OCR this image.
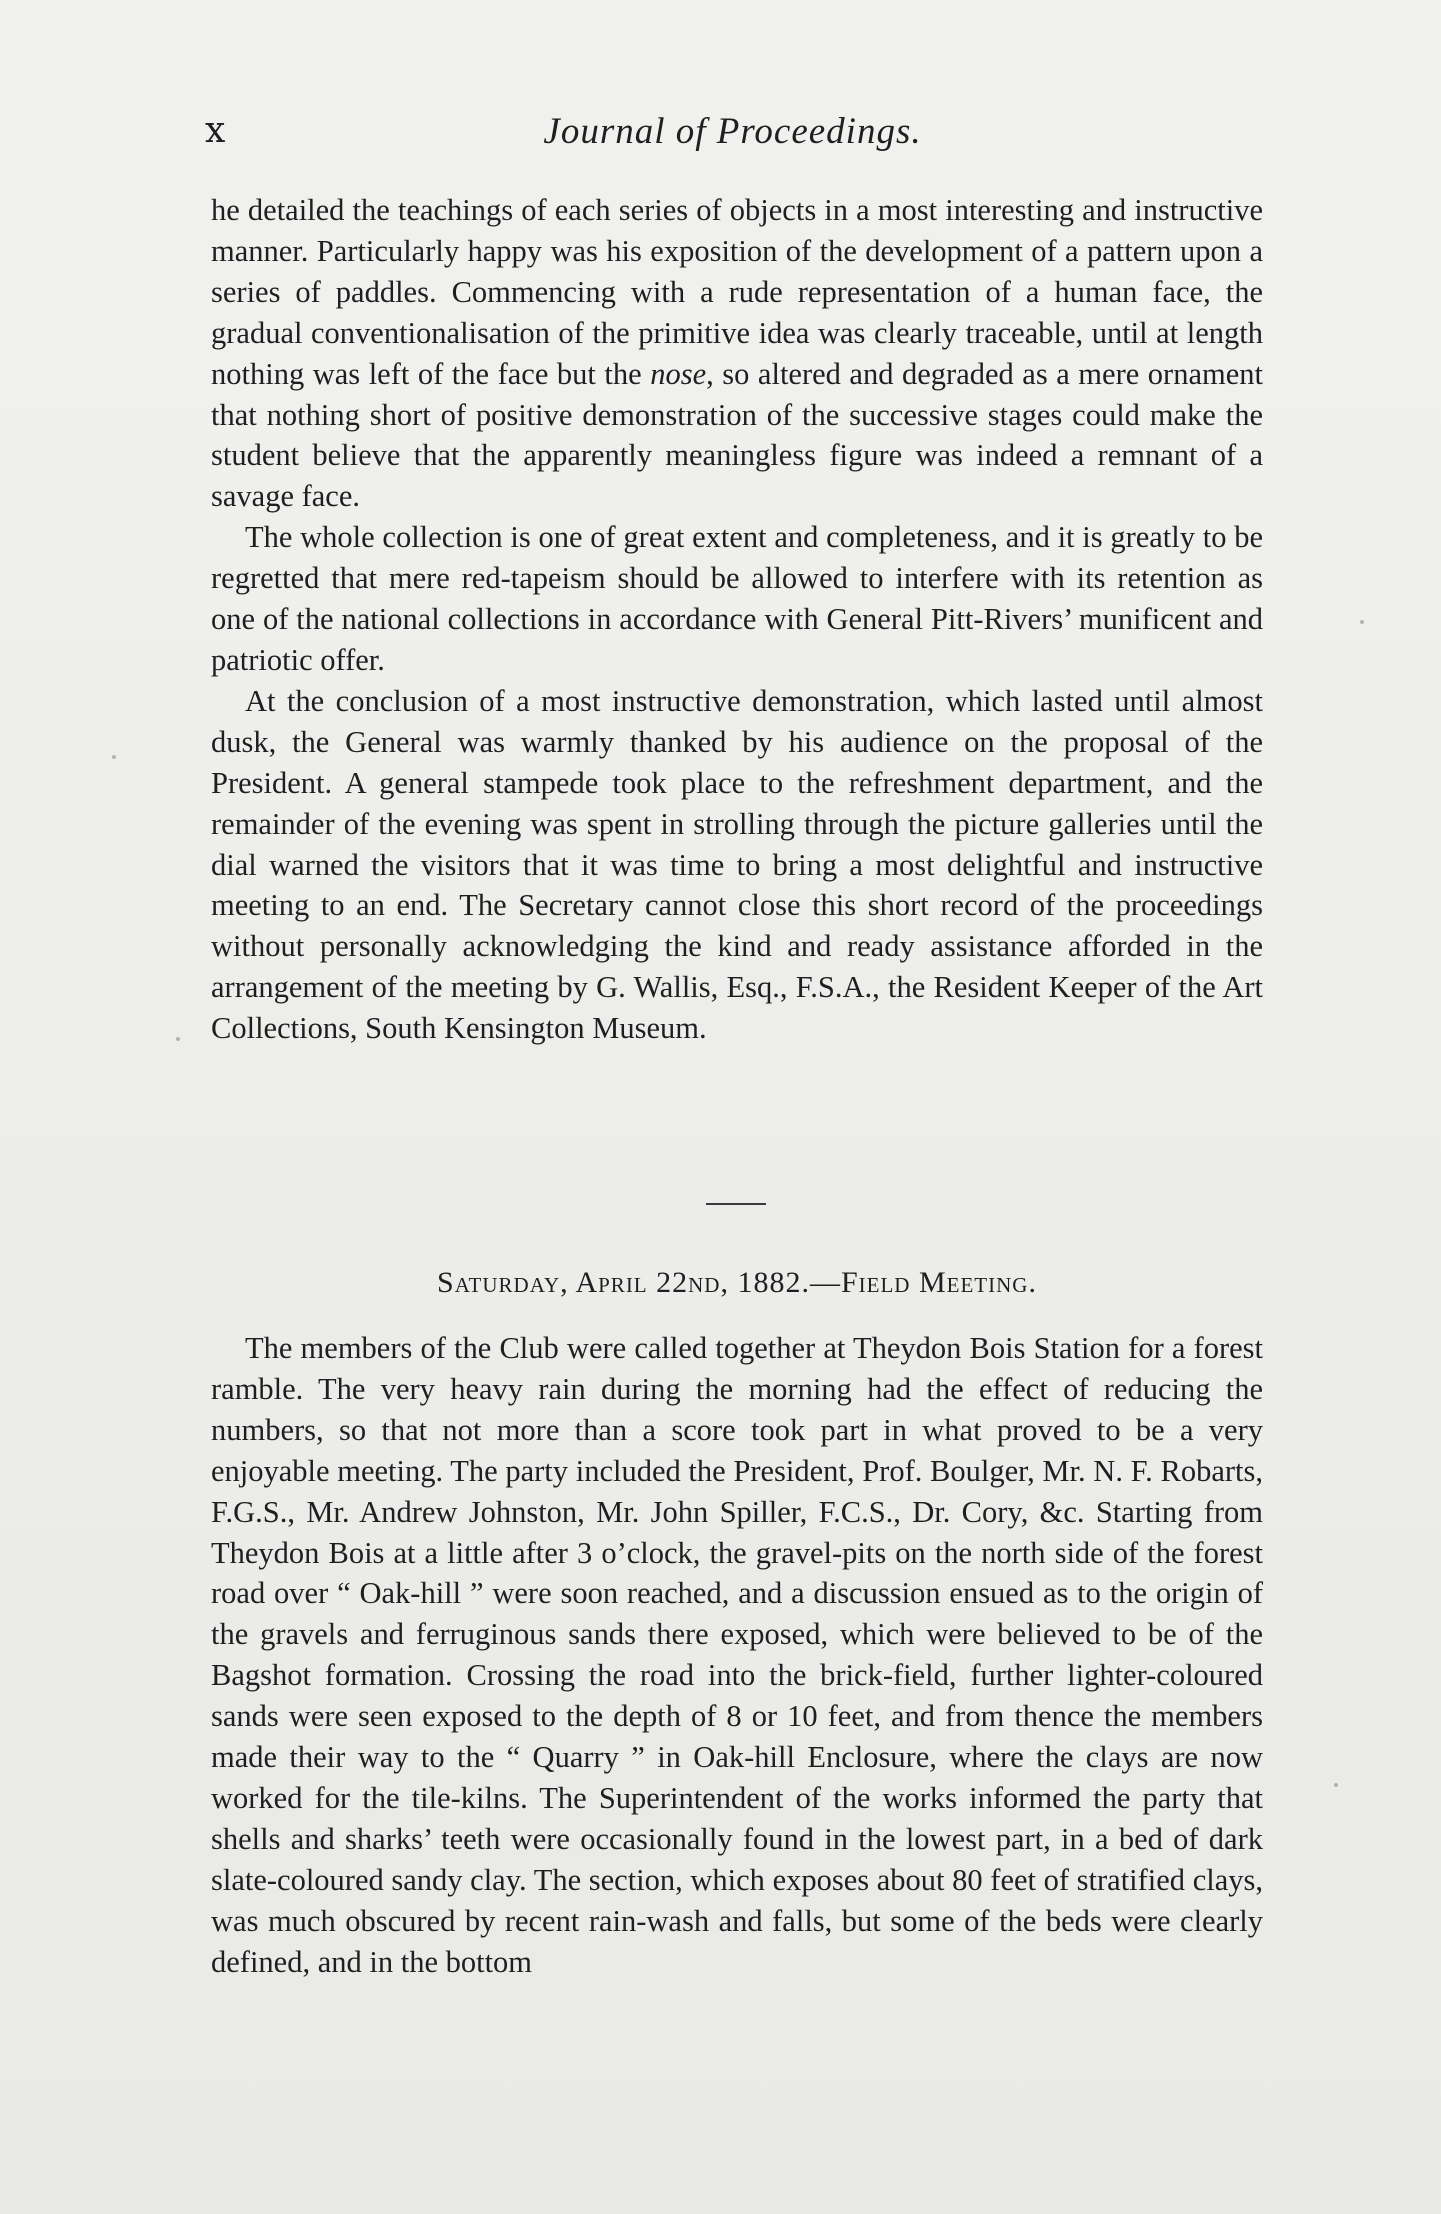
x	Journal of Proceedings.

he detailed the teachings of each series of objects in a most interesting and instructive manner. Particularly happy was his exposition of the development of a pattern upon a series of paddles. Commencing with a rude representation of a human face, the gradual conventionalisation of the primitive idea was clearly traceable, until at length nothing was left of the face but the nose, so altered and degraded as a mere ornament that nothing short of positive demonstration of the successive stages could make the student believe that the apparently meaningless figure was indeed a remnant of a savage face.

The whole collection is one of great extent and completeness, and it is greatly to be regretted that mere red-tapeism should be allowed to interfere with its retention as one of the national collections in accordance with General Pitt-Rivers’ munificent and patriotic offer.

At the conclusion of a most instructive demonstration, which lasted until almost dusk, the General was warmly thanked by his audience on the proposal of the President. A general stampede took place to the refreshment department, and the remainder of the evening was spent in strolling through the picture galleries until the dial warned the visitors that it was time to bring a most delightful and instructive meeting to an end. The Secretary cannot close this short record of the proceedings without personally acknowledging the kind and ready assistance afforded in the arrangement of the meeting by G. Wallis, Esq., F.S.A., the Resident Keeper of the Art Collections, South Kensington Museum.

Saturday, April 22nd, 1882.—Field Meeting.

The members of the Club were called together at Theydon Bois Station for a forest ramble. The very heavy rain during the morning had the effect of reducing the numbers, so that not more than a score took part in what proved to be a very enjoyable meeting. The party included the President, Prof. Boulger, Mr. N. F. Robarts, F.G.S., Mr. Andrew Johnston, Mr. John Spiller, F.C.S., Dr. Cory, &c. Starting from Theydon Bois at a little after 3 o’clock, the gravel-pits on the north side of the forest road over “ Oak-hill ” were soon reached, and a discussion ensued as to the origin of the gravels and ferruginous sands there exposed, which were believed to be of the Bagshot formation. Crossing the road into the brick-field, further lighter-coloured sands were seen exposed to the depth of 8 or 10 feet, and from thence the members made their way to the “ Quarry ” in Oak-hill Enclosure, where the clays are now worked for the tile-kilns. The Superintendent of the works informed the party that shells and sharks’ teeth were occasionally found in the lowest part, in a bed of dark slate-coloured sandy clay. The section, which exposes about 80 feet of stratified clays, was much obscured by recent rain-wash and falls, but some of the beds were clearly defined, and in the bottom
